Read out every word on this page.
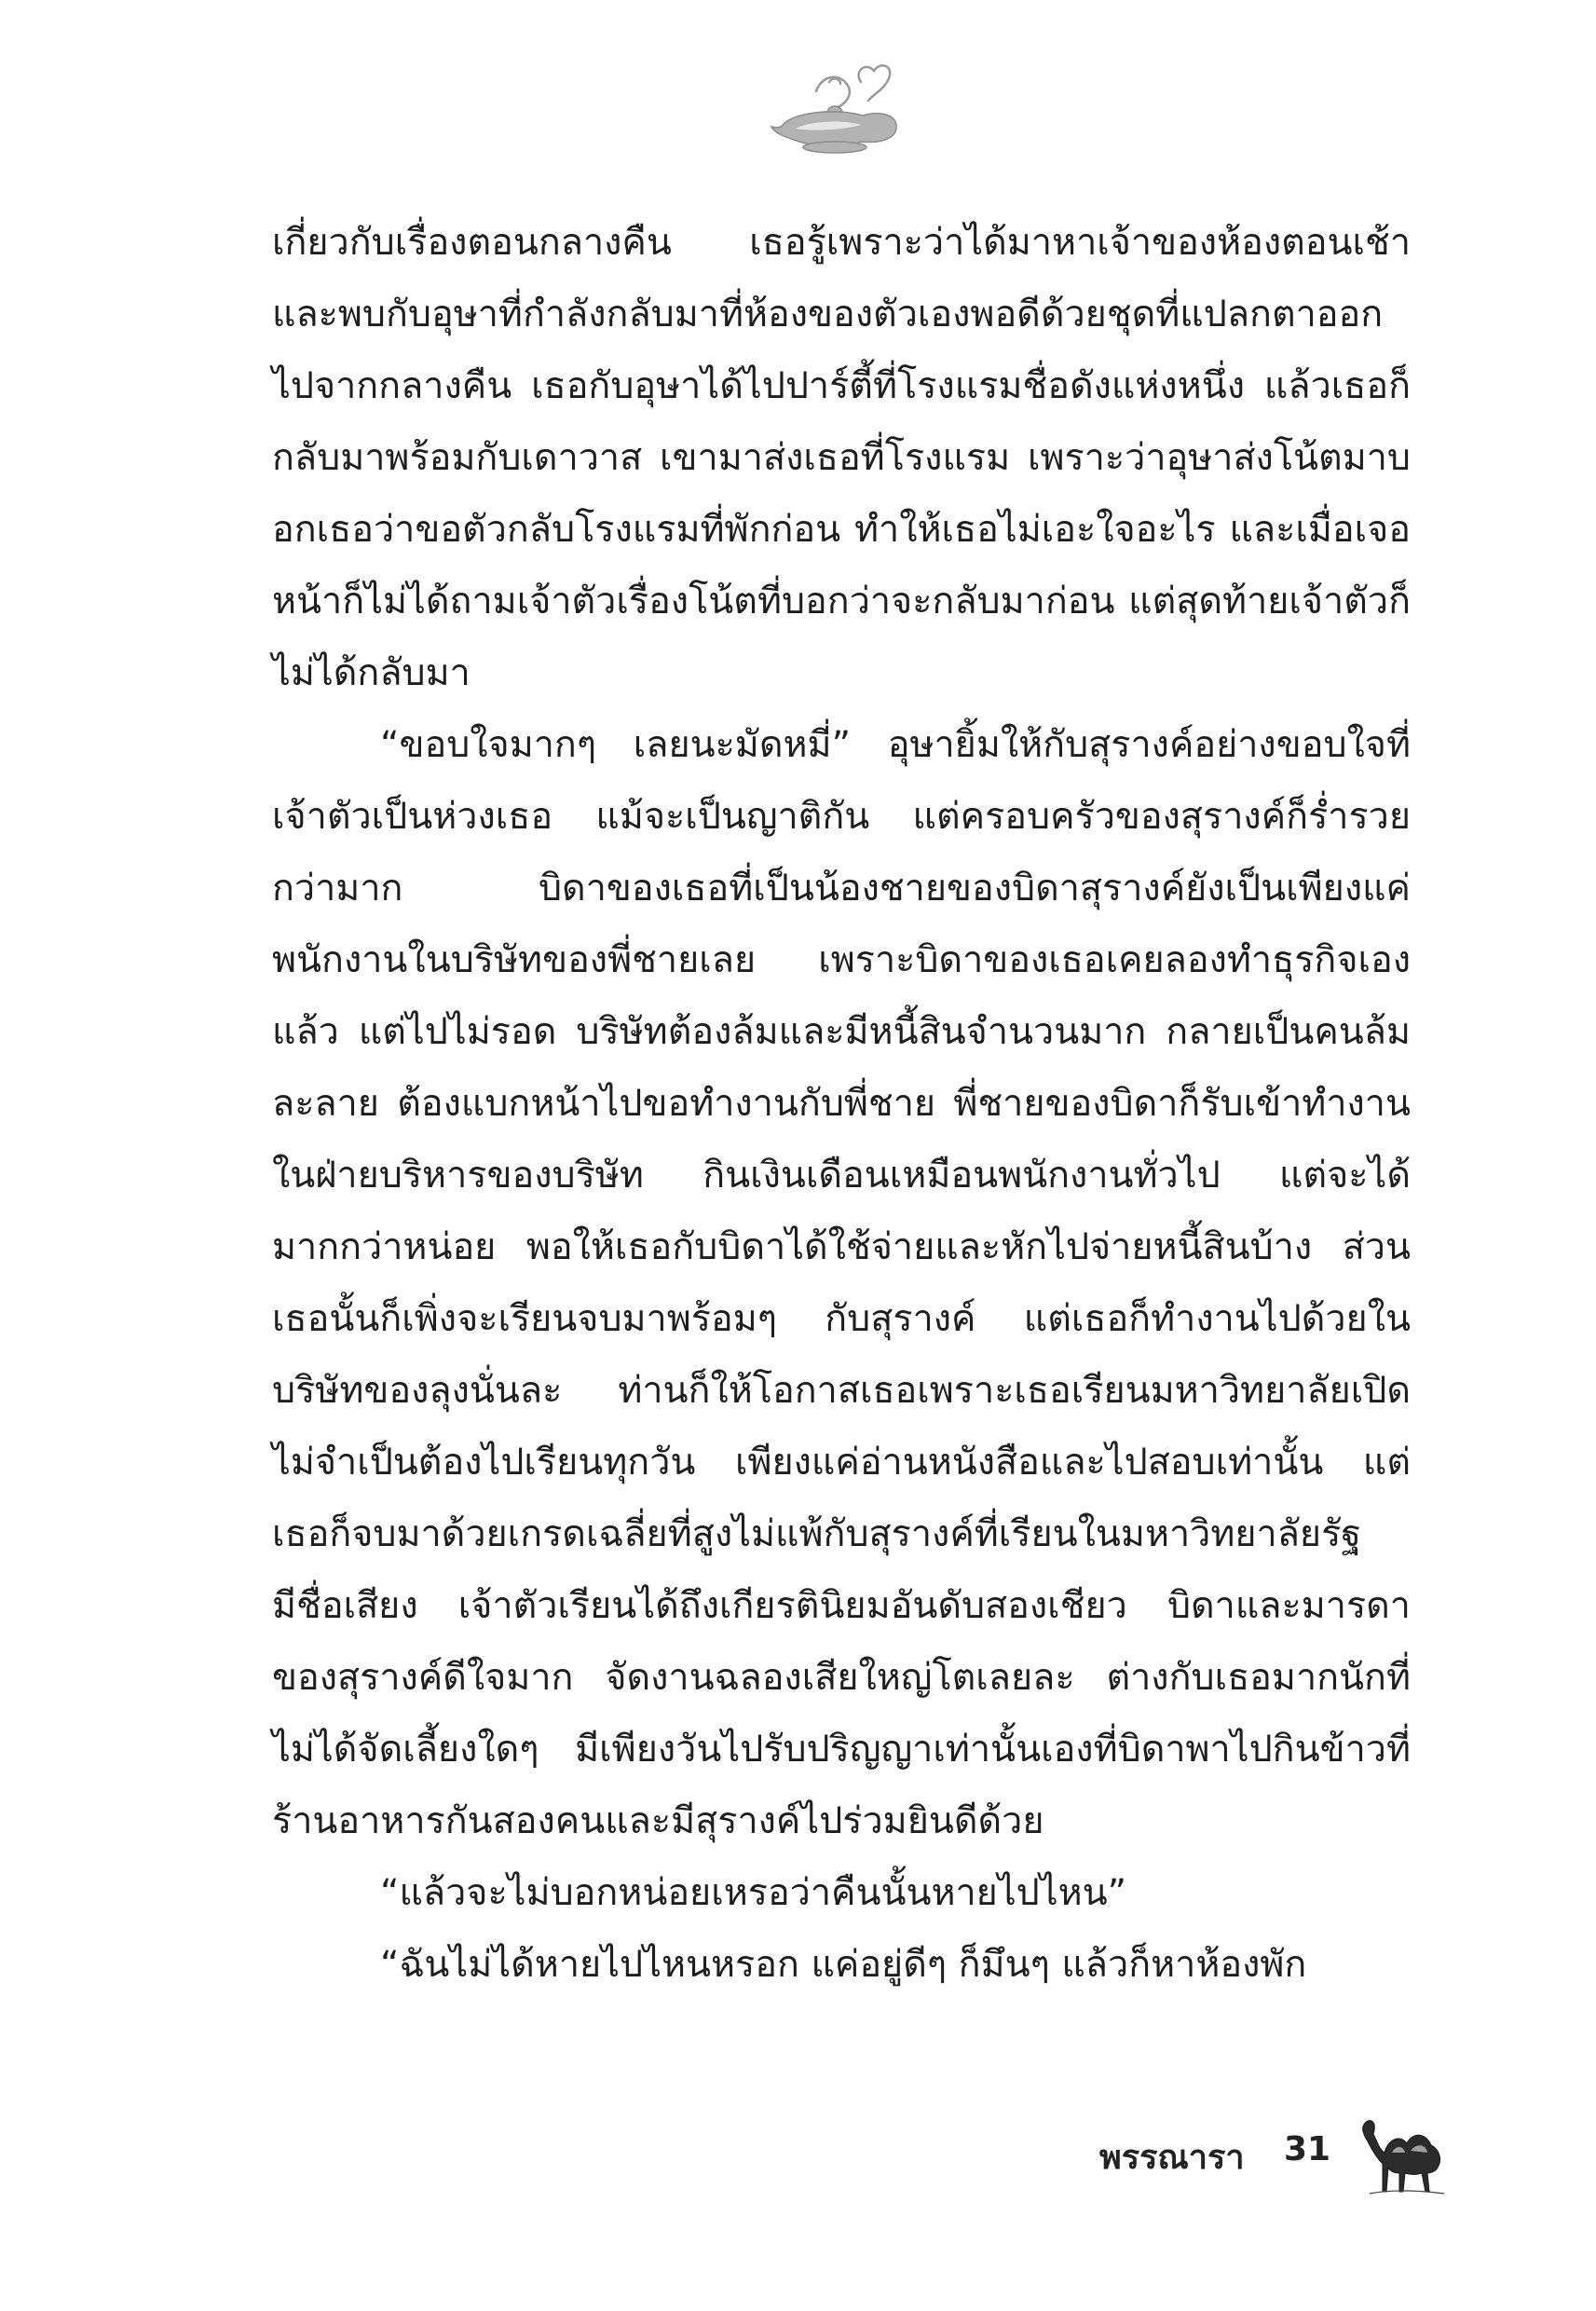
เกี่ยวกับเรื่องตอนกลางคืน เธอรู้เพราะว่าได้มาหาเจ้าของห้องตอนเช้าและพบกับอุษาที่กำลังกลับมาที่ห้องของตัวเองพอดีด้วยชุดที่แปลกตาออกไปจากกลางคืน เธอกับอุษาได้ไปปาร์ตี้ที่โรงแรมชื่อดังแห่งหนึ่ง แล้วเธอก็กลับมาพร้อมกับเดาวาส เขามาส่งเธอที่โรงแรม เพราะว่าอุษาส่งโน้ตมาบอกเธอว่าขอตัวกลับโรงแรมที่พักก่อน ทำให้เธอไม่เอะใจอะไร และเมื่อเจอหน้าก็ไม่ได้ถามเจ้าตัวเรื่องโน้ตที่บอกว่าจะกลับมาก่อน แต่สุดท้ายเจ้าตัวก็ไม่ได้กลับมา

“ขอบใจมากๆ เลยนะมัดหมี่” อุษายิ้มให้กับสุรางค์อย่างขอบใจที่เจ้าตัวเป็นห่วงเธอ แม้จะเป็นญาติกัน แต่ครอบครัวของสุรางค์ก็ร่ำรวยกว่ามาก บิดาของเธอที่เป็นน้องชายของบิดาสุรางค์ยังเป็นเพียงแค่พนักงานในบริษัทของพี่ชายเลย เพราะบิดาของเธอเคยลองทำธุรกิจเองแล้ว แต่ไปไม่รอด บริษัทต้องล้มและมีหนี้สินจำนวนมาก กลายเป็นคนล้มละลาย ต้องแบกหน้าไปขอทำงานกับพี่ชาย พี่ชายของบิดาก็รับเข้าทำงานในฝ่ายบริหารของบริษัท กินเงินเดือนเหมือนพนักงานทั่วไป แต่จะได้มากกว่าหน่อย พอให้เธอกับบิดาได้ใช้จ่ายและหักไปจ่ายหนี้สินบ้าง ส่วนเธอนั้นก็เพิ่งจะเรียนจบมาพร้อมๆ กับสุรางค์ แต่เธอก็ทำงานไปด้วยในบริษัทของลุงนั่นละ ท่านก็ให้โอกาสเธอเพราะเธอเรียนมหาวิทยาลัยเปิด ไม่จำเป็นต้องไปเรียนทุกวัน เพียงแค่อ่านหนังสือและไปสอบเท่านั้น แต่เธอก็จบมาด้วยเกรดเฉลี่ยที่สูงไม่แพ้กับสุรางค์ที่เรียนในมหาวิทยาลัยรัฐมีชื่อเสียง เจ้าตัวเรียนได้ถึงเกียรตินิยมอันดับสองเชียว บิดาและมารดาของสุรางค์ดีใจมาก จัดงานฉลองเสียใหญ่โตเลยละ ต่างกับเธอมากนักที่ไม่ได้จัดเลี้ยงใดๆ มีเพียงวันไปรับปริญญาเท่านั้นเองที่บิดาพาไปกินข้าวที่ร้านอาหารกันสองคนและมีสุรางค์ไปร่วมยินดีด้วย

“แล้วจะไม่บอกหน่อยเหรอว่าคืนนั้นหายไปไหน”

“ฉันไม่ได้หายไปไหนหรอก แค่อยู่ดีๆ ก็มึนๆ แล้วก็หาห้องพัก

พรรณารา 31
